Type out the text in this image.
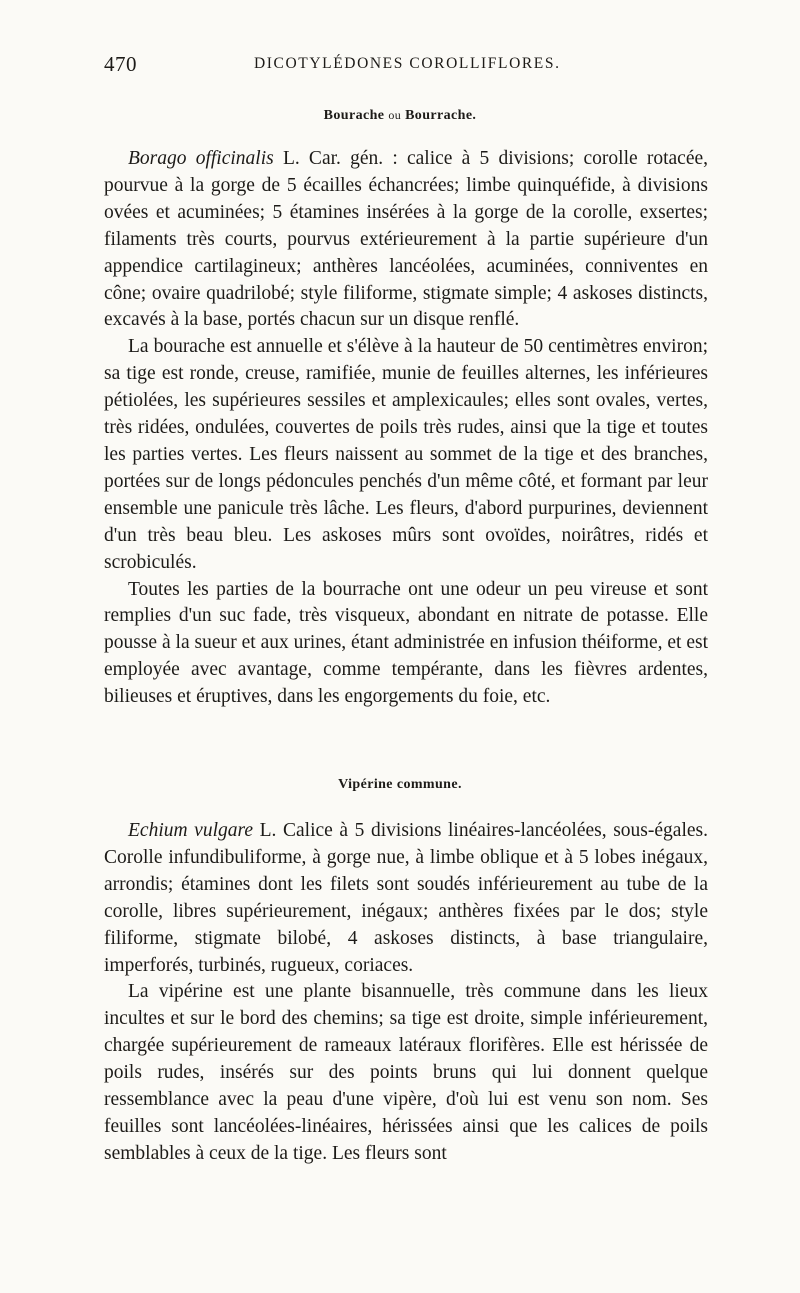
470	DICOTYLÉDONES COROLLIFLORES.
Bourache ou Bourrache.

Borago officinalis L. Car. gén. : calice à 5 divisions; corolle rotacée, pourvue à la gorge de 5 écailles échancrées; limbe quinquéfide, à divisions ovées et acuminées; 5 étamines insérées à la gorge de la corolle, exsertes; filaments très courts, pourvus extérieurement à la partie supérieure d'un appendice cartilagineux; anthères lancéolées, acuminées, conniventes en cône; ovaire quadrilobé; style filiforme, stigmate simple; 4 askoses distincts, excavés à la base, portés chacun sur un disque renflé.

La bourache est annuelle et s'élève à la hauteur de 50 centimètres environ; sa tige est ronde, creuse, ramifiée, munie de feuilles alternes, les inférieures pétiolées, les supérieures sessiles et amplexicaules; elles sont ovales, vertes, très ridées, ondulées, couvertes de poils très rudes, ainsi que la tige et toutes les parties vertes. Les fleurs naissent au sommet de la tige et des branches, portées sur de longs pédoncules penchés d'un même côté, et formant par leur ensemble une panicule très lâche. Les fleurs, d'abord purpurines, deviennent d'un très beau bleu. Les askoses mûrs sont ovoïdes, noirâtres, ridés et scrobiculés.

Toutes les parties de la bourrache ont une odeur un peu vireuse et sont remplies d'un suc fade, très visqueux, abondant en nitrate de potasse. Elle pousse à la sueur et aux urines, étant administrée en infusion théiforme, et est employée avec avantage, comme tempérante, dans les fièvres ardentes, bilieuses et éruptives, dans les engorgements du foie, etc.

Vipérine commune.

Echium vulgare L. Calice à 5 divisions linéaires-lancéolées, sous-égales. Corolle infundibuliforme, à gorge nue, à limbe oblique et à 5 lobes inégaux, arrondis; étamines dont les filets sont soudés inférieurement au tube de la corolle, libres supérieurement, inégaux; anthères fixées par le dos; style filiforme, stigmate bilobé, 4 askoses distincts, à base triangulaire, imperforés, turbinés, rugueux, coriaces.

La vipérine est une plante bisannuelle, très commune dans les lieux incultes et sur le bord des chemins; sa tige est droite, simple inférieurement, chargée supérieurement de rameaux latéraux florifères. Elle est hérissée de poils rudes, insérés sur des points bruns qui lui donnent quelque ressemblance avec la peau d'une vipère, d'où lui est venu son nom. Ses feuilles sont lancéolées-linéaires, hérissées ainsi que les calices de poils semblables à ceux de la tige. Les fleurs sont
